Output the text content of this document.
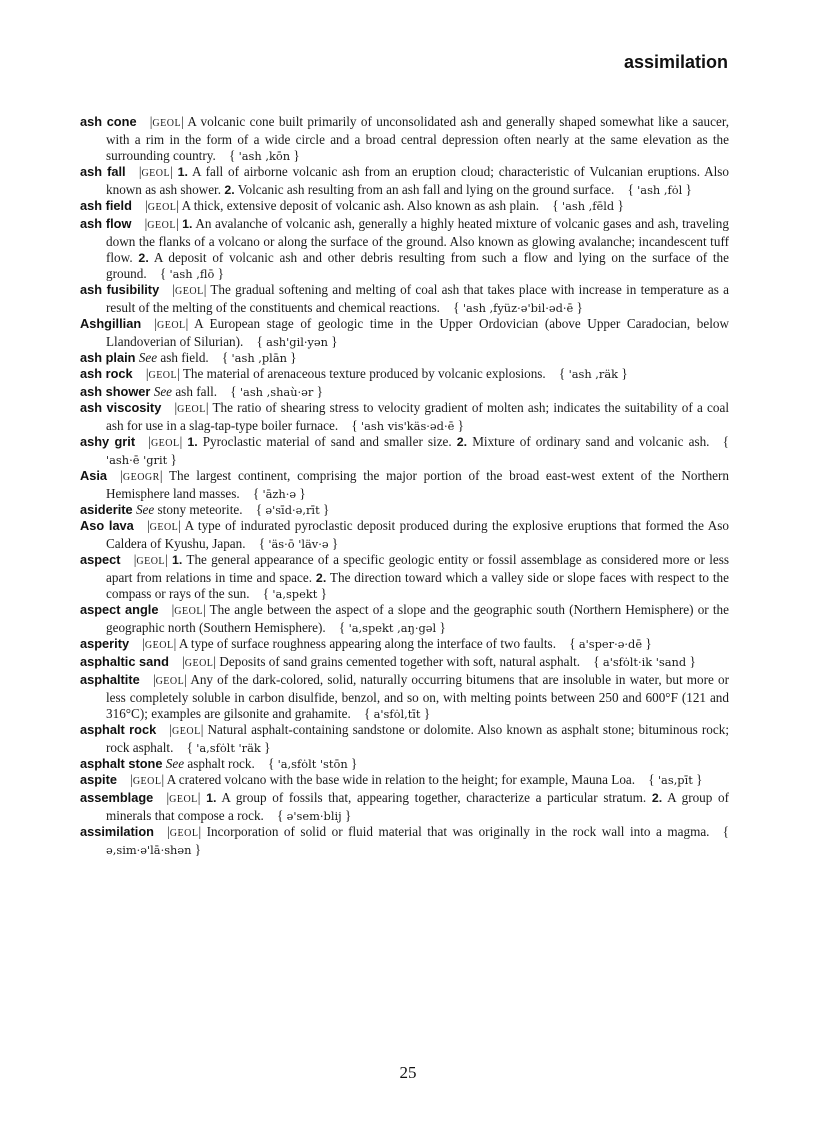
assimilation

ash cone  |GEOL| A volcanic cone built primarily of unconsolidated ash and generally shaped somewhat like a saucer, with a rim in the form of a wide circle and a broad central depression often nearly at the same elevation as the surrounding country. { 'ash ,kōn }

ash fall  |GEOL| 1. A fall of airborne volcanic ash from an eruption cloud; characteristic of Vulcanian eruptions. Also known as ash shower. 2. Volcanic ash resulting from an ash fall and lying on the ground surface. { 'ash ,fȯl }

ash field  |GEOL| A thick, extensive deposit of volcanic ash. Also known as ash plain. { 'ash ,fēld }

ash flow  |GEOL| 1. An avalanche of volcanic ash, generally a highly heated mixture of volcanic gases and ash, traveling down the flanks of a volcano or along the surface of the ground. Also known as glowing avalanche; incandescent tuff flow. 2. A deposit of volcanic ash and other debris resulting from such a flow and lying on the surface of the ground. { 'ash ,flō }

ash fusibility  |GEOL| The gradual softening and melting of coal ash that takes place with increase in temperature as a result of the melting of the constituents and chemical reactions. { 'ash ,fyüz·ə'bil·əd·ē }

Ashgillian  |GEOL| A European stage of geologic time in the Upper Ordovician (above Upper Caradocian, below Llandoverian of Silurian). { ash'gil·yən }

ash plain See ash field. { 'ash ,plān }

ash rock  |GEOL| The material of arenaceous texture produced by volcanic explosions. { 'ash ,räk }

ash shower See ash fall. { 'ash ,shaù·ər }

ash viscosity  |GEOL| The ratio of shearing stress to velocity gradient of molten ash; indicates the suitability of a coal ash for use in a slag-tap-type boiler furnace. { 'ash vis'käs·əd·ē }

ashy grit  |GEOL| 1. Pyroclastic material of sand and smaller size. 2. Mixture of ordinary sand and volcanic ash. { 'ash·ē 'grit }

Asia  |GEOGR| The largest continent, comprising the major portion of the broad east-west extent of the Northern Hemisphere land masses. { 'āzh·ə }

asiderite See stony meteorite. { ə'sīd·ə,rīt }

Aso lava  |GEOL| A type of indurated pyroclastic deposit produced during the explosive eruptions that formed the Aso Caldera of Kyushu, Japan. { 'äs·ō 'läv·ə }

aspect  |GEOL| 1. The general appearance of a specific geologic entity or fossil assemblage as considered more or less apart from relations in time and space. 2. The direction toward which a valley side or slope faces with respect to the compass or rays of the sun. { 'a,spekt }

aspect angle  |GEOL| The angle between the aspect of a slope and the geographic south (Northern Hemisphere) or the geographic north (Southern Hemisphere). { 'a,spekt ,aŋ·gəl }

asperity  |GEOL| A type of surface roughness appearing along the interface of two faults. { a'sper·ə·dē }

asphaltic sand  |GEOL| Deposits of sand grains cemented together with soft, natural asphalt. { a'sfȯlt·ik 'sand }

asphaltite  |GEOL| Any of the dark-colored, solid, naturally occurring bitumens that are insoluble in water, but more or less completely soluble in carbon disulfide, benzol, and so on, with melting points between 250 and 600°F (121 and 316°C); examples are gilsonite and grahamite. { a'sfȯl,tīt }

asphalt rock  |GEOL| Natural asphalt-containing sandstone or dolomite. Also known as asphalt stone; bituminous rock; rock asphalt. { 'a,sfȯlt 'räk }

asphalt stone See asphalt rock. { 'a,sfȯlt 'stōn }

aspite  |GEOL| A cratered volcano with the base wide in relation to the height; for example, Mauna Loa. { 'as,pīt }

assemblage  |GEOL| 1. A group of fossils that, appearing together, characterize a particular stratum. 2. A group of minerals that compose a rock. { ə'sem·blij }

assimilation  |GEOL| Incorporation of solid or fluid material that was originally in the rock wall into a magma. { ə,sim·ə'lā·shən }

25
